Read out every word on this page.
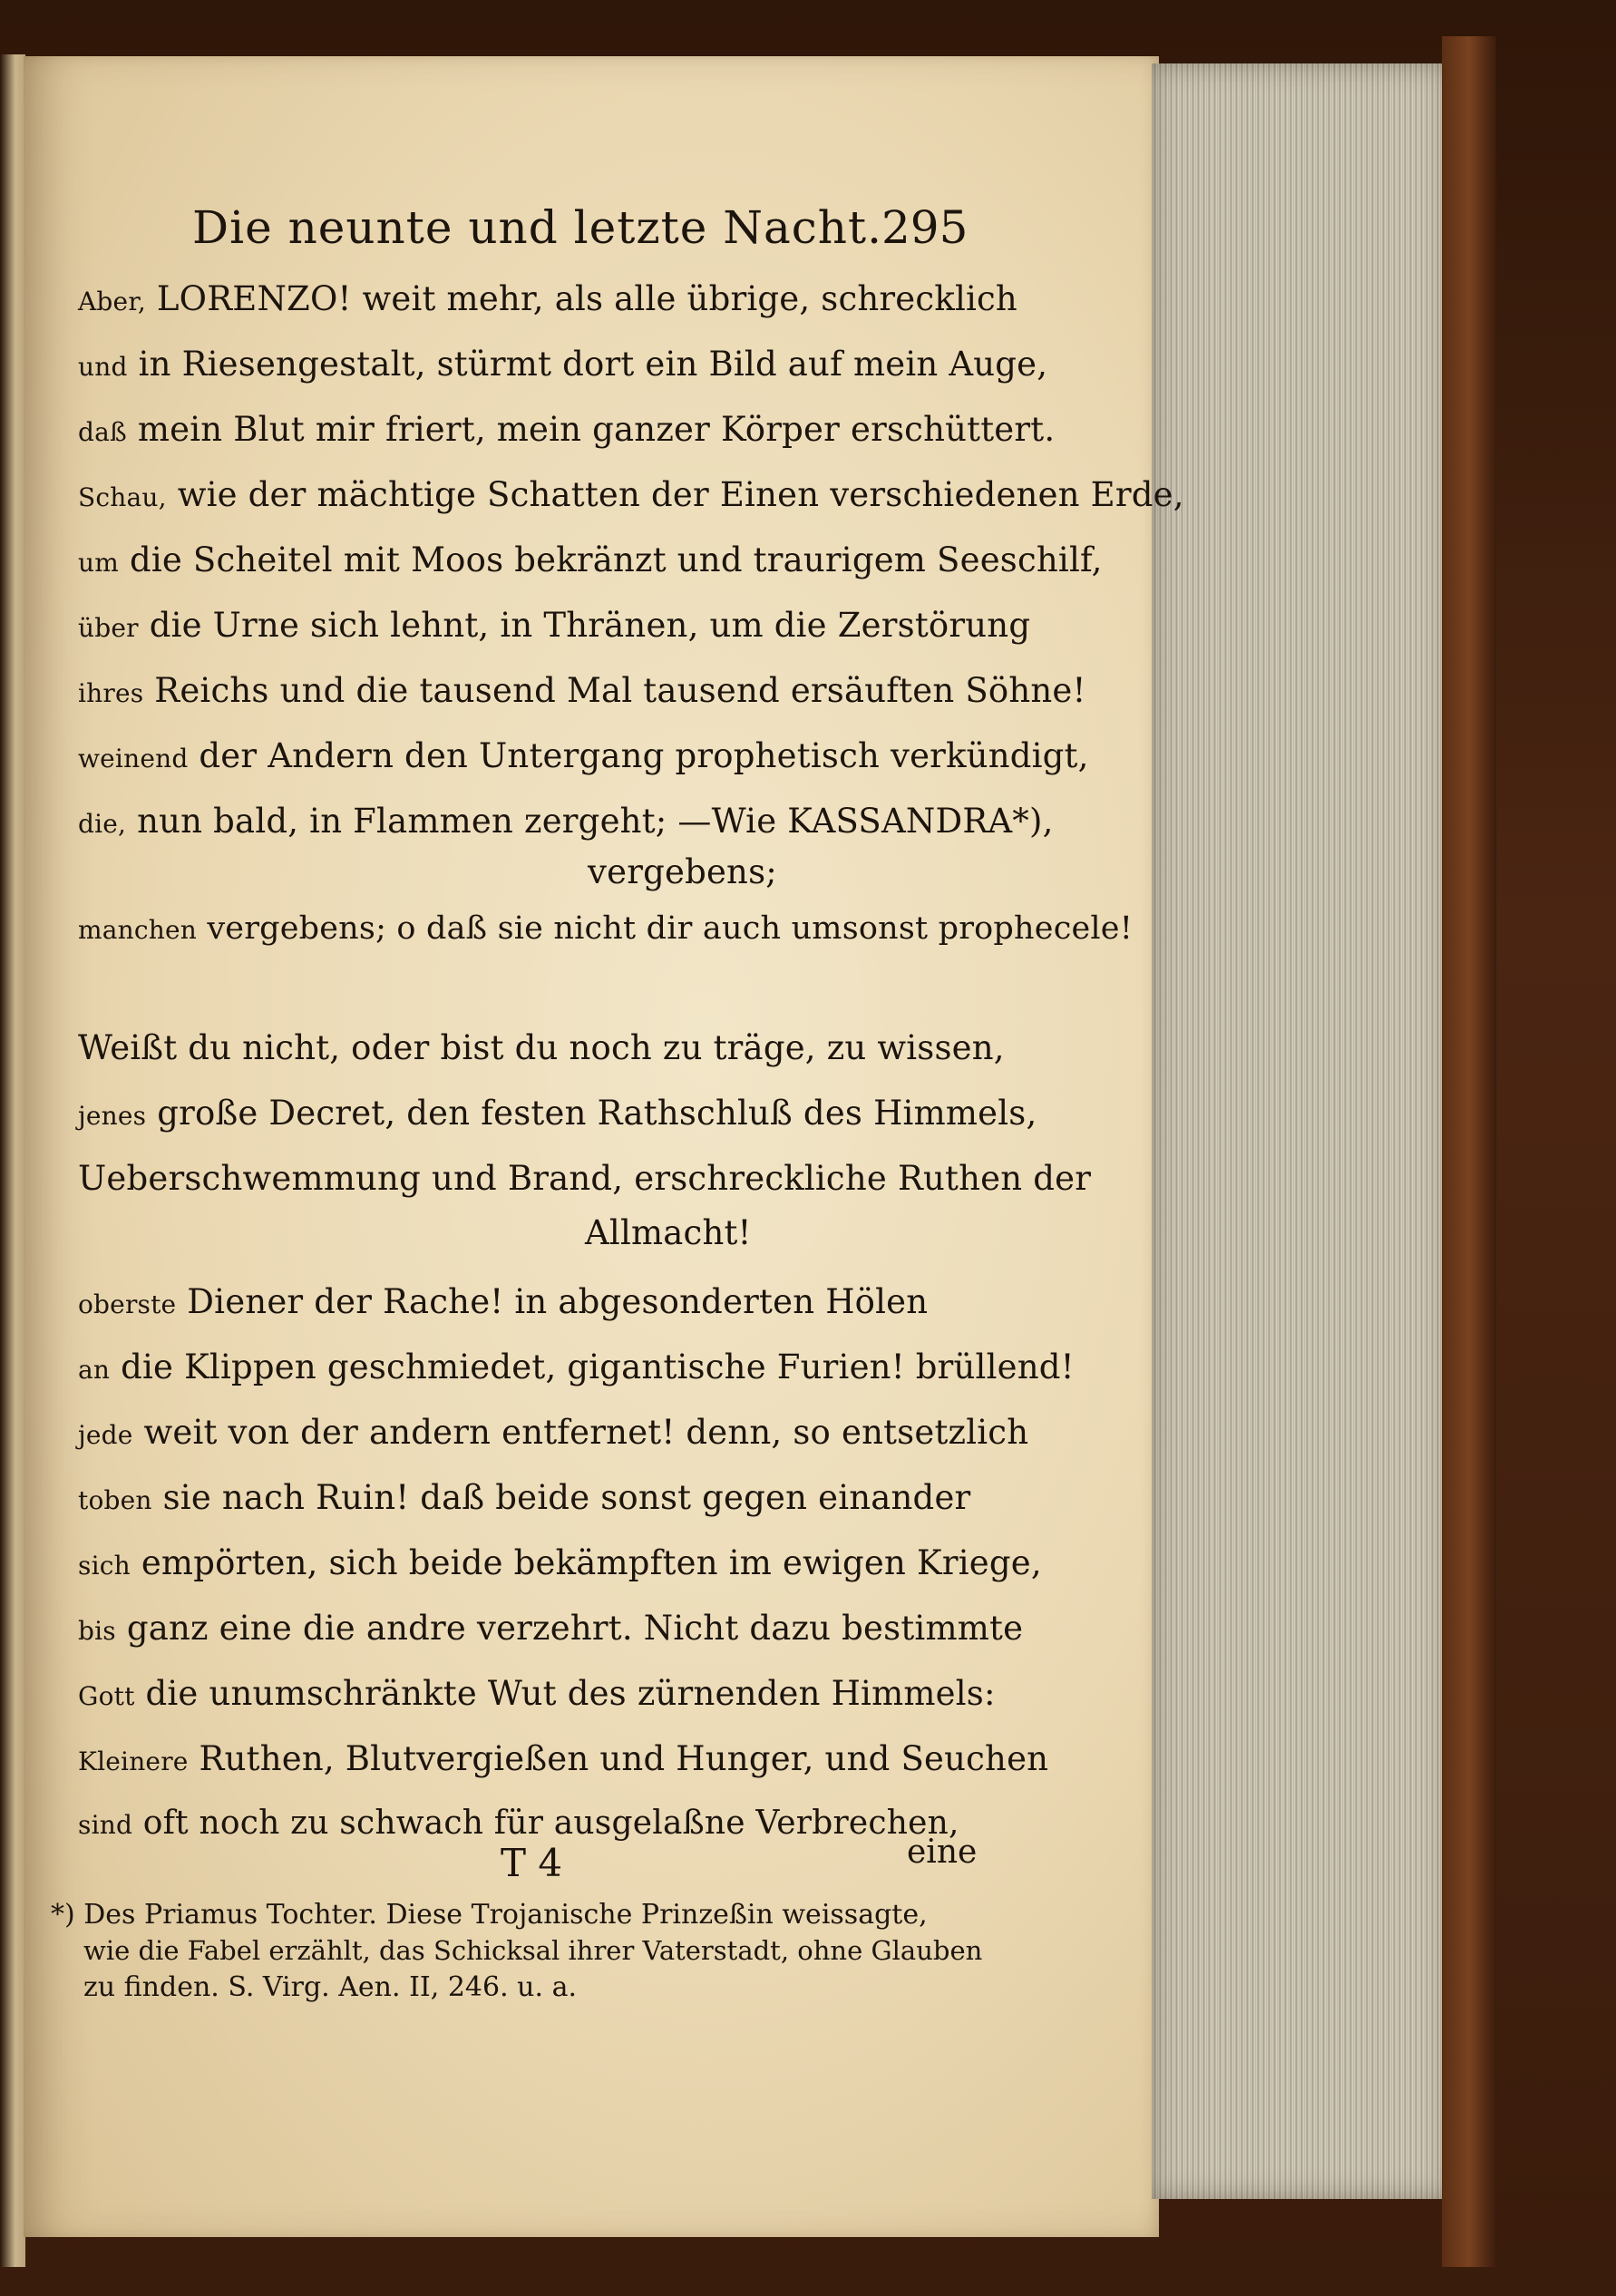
Die neunte und letzte Nacht. 295
Aber, LORENZO! weit mehr, als alle übrige, schrecklich
und in Riesengestalt, stürmt dort ein Bild auf mein Auge,
daß mein Blut mir friert, mein ganzer Körper erschüttert.
Schau, wie der mächtige Schatten der Einen verschiedenen Erde,
um die Scheitel mit Moos bekränzt und traurigem Seeschilf,
über die Urne sich lehnt, in Thränen, um die Zerstörung
ihres Reichs und die tausend Mal tausend ersäuften Söhne!
weinend der Andern den Untergang prophetisch verkündigt,
die, nun bald, in Flammen zergeht; —Wie KASSANDRA*),
vergebens;
manchen vergebens; o daß sie nicht dir auch umsonst prophecele!
Weißt du nicht, oder bist du noch zu träge, zu wissen,
jenes große Decret, den festen Rathschluß des Himmels,
Ueberschwemmung und Brand, erschreckliche Ruthen der
Allmacht!
oberste Diener der Rache! in abgesonderten Hölen
an die Klippen geschmiedet, gigantische Furien! brüllend!
jede weit von der andern entfernet! denn, so entsetzlich
toben sie nach Ruin! daß beide sonst gegen einander
sich empörten, sich beide bekämpften im ewigen Kriege,
bis ganz eine die andre verzehrt. Nicht dazu bestimmte
Gott die unumschränkte Wut des zürnenden Himmels:
Kleinere Ruthen, Blutvergießen und Hunger, und Seuchen
sind oft noch zu schwach für ausgelaßne Verbrechen,
T 4	eine
*) Des Priamus Tochter. Diese Trojanische Prinzeßin weissagte,
wie die Fabel erzählt, das Schicksal ihrer Vaterstadt, ohne Glauben
zu finden. S. Virg. Aen. II, 246. u. a.
